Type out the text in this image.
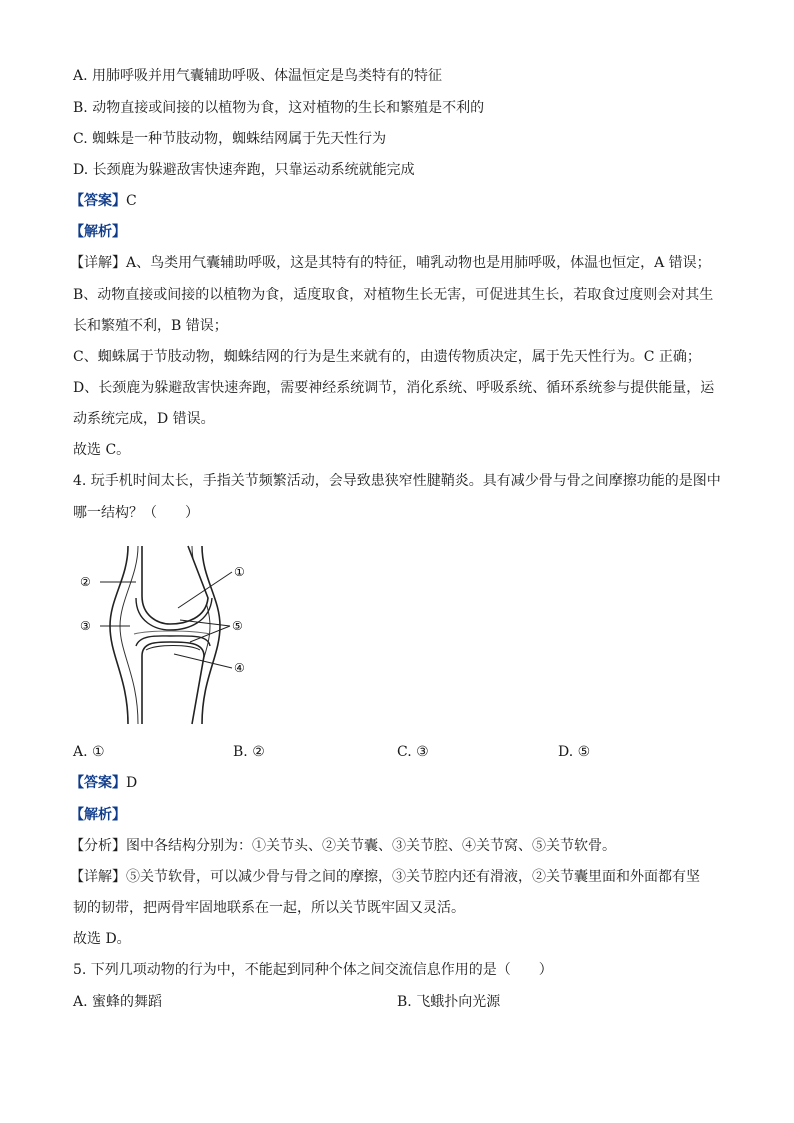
A. 用肺呼吸并用气囊辅助呼吸、体温恒定是鸟类特有的特征
B. 动物直接或间接的以植物为食，这对植物的生长和繁殖是不利的
C. 蜘蛛是一种节肢动物，蜘蛛结网属于先天性行为
D. 长颈鹿为躲避敌害快速奔跑，只靠运动系统就能完成
【答案】C
【解析】
【详解】A、鸟类用气囊辅助呼吸，这是其特有的特征，哺乳动物也是用肺呼吸，体温也恒定，A 错误；
B、动物直接或间接的以植物为食，适度取食，对植物生长无害，可促进其生长，若取食过度则会对其生
长和繁殖不利，B 错误；
C、蜘蛛属于节肢动物，蜘蛛结网的行为是生来就有的，由遗传物质决定，属于先天性行为。C 正确；
D、长颈鹿为躲避敌害快速奔跑，需要神经系统调节，消化系统、呼吸系统、循环系统参与提供能量，运
动系统完成，D 错误。
故选 C。
4. 玩手机时间太长，手指关节频繁活动，会导致患狭窄性腱鞘炎。具有减少骨与骨之间摩擦功能的是图中
哪一结构？（　　）
①
②
③
④
⑤
A. ①	B. ②	C. ③	D. ⑤
【答案】D
【解析】
【分析】图中各结构分别为：①关节头、②关节囊、③关节腔、④关节窝、⑤关节软骨。
【详解】⑤关节软骨，可以减少骨与骨之间的摩擦，③关节腔内还有滑液，②关节囊里面和外面都有坚
韧的韧带，把两骨牢固地联系在一起，所以关节既牢固又灵活。
故选 D。
5. 下列几项动物的行为中，不能起到同种个体之间交流信息作用的是（　　）
A. 蜜蜂的舞蹈	B. 飞蛾扑向光源
